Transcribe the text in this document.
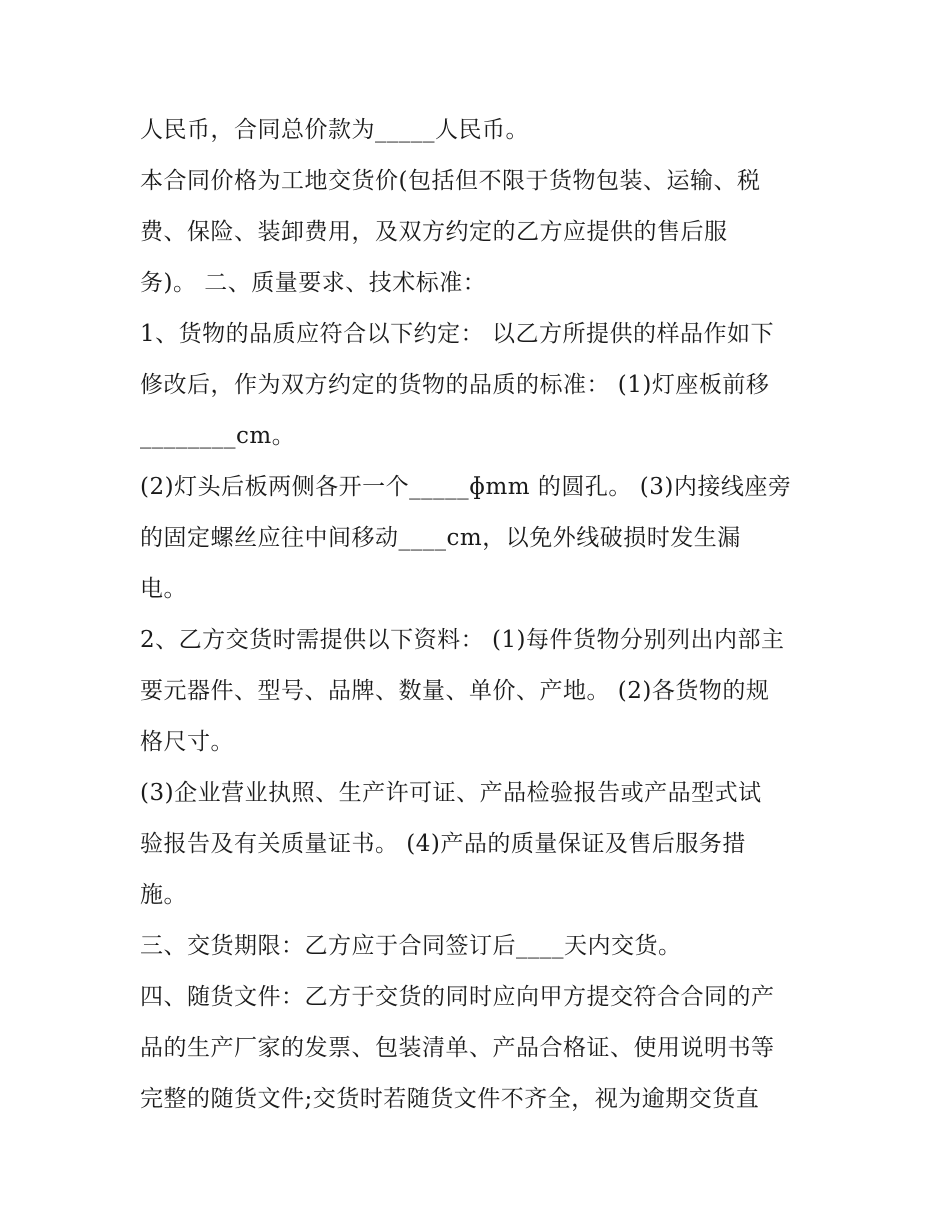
人民币，合同总价款为_____人民币。
本合同价格为工地交货价(包括但不限于货物包装、运输、税
费、保险、装卸费用，及双方约定的乙方应提供的售后服
务)。 二、质量要求、技术标准：
1、货物的品质应符合以下约定： 以乙方所提供的样品作如下
修改后，作为双方约定的货物的品质的标准： (1)灯座板前移
________cm。
(2)灯头后板两侧各开一个_____ɸmm 的圆孔。 (3)内接线座旁
的固定螺丝应往中间移动____cm，以免外线破损时发生漏
电。
2、乙方交货时需提供以下资料： (1)每件货物分别列出内部主
要元器件、型号、品牌、数量、单价、产地。 (2)各货物的规
格尺寸。
(3)企业营业执照、生产许可证、产品检验报告或产品型式试
验报告及有关质量证书。 (4)产品的质量保证及售后服务措
施。
三、交货期限：乙方应于合同签订后____天内交货。
四、随货文件：乙方于交货的同时应向甲方提交符合合同的产
品的生产厂家的发票、包装清单、产品合格证、使用说明书等
完整的随货文件;交货时若随货文件不齐全，视为逾期交货直
